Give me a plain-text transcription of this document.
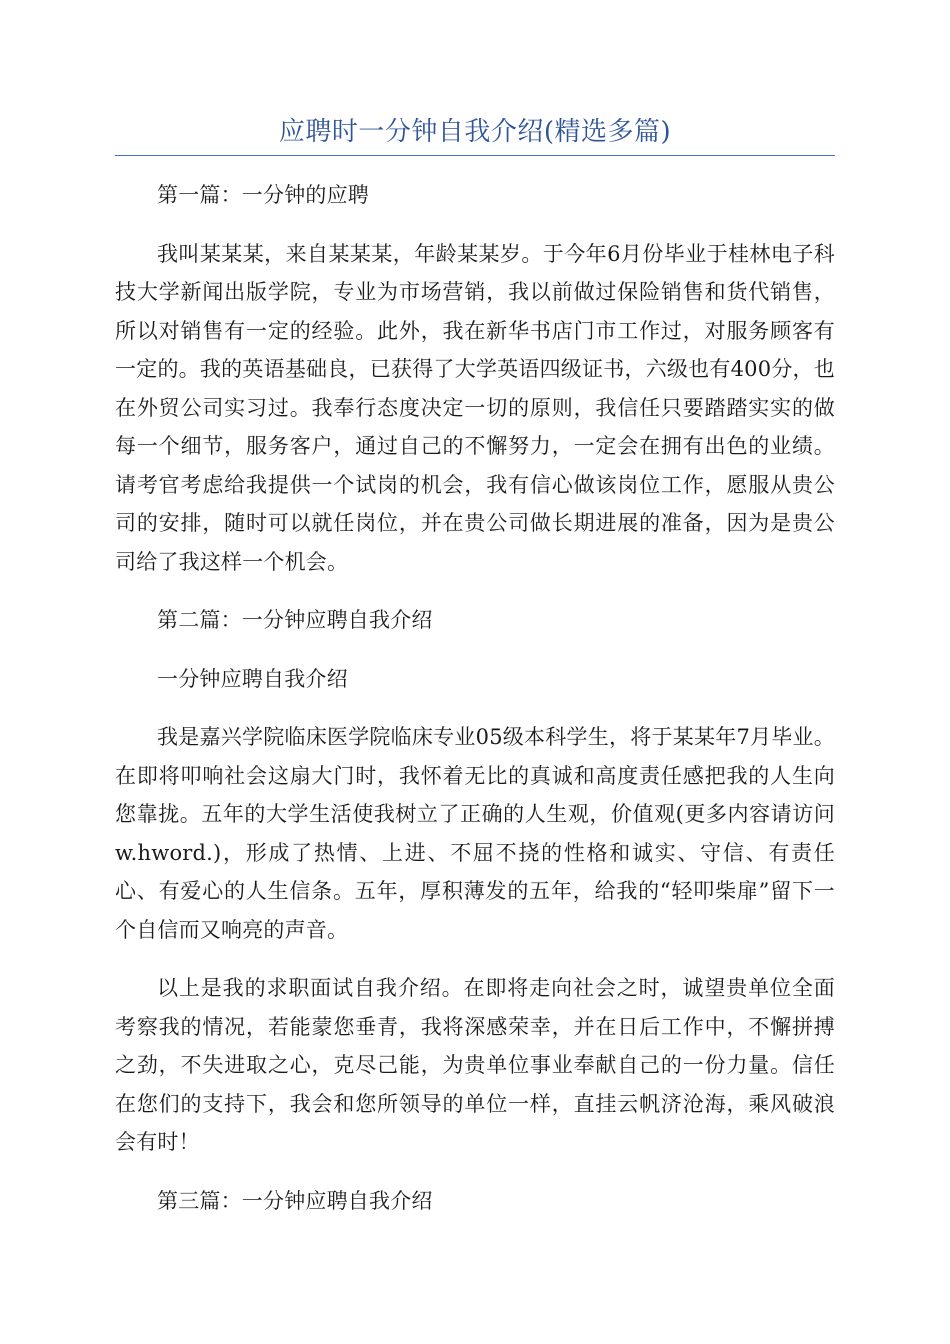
应聘时一分钟自我介绍(精选多篇)

第一篇：一分钟的应聘

我叫某某某，来自某某某，年龄某某岁。于今年6月份毕业于桂林电子科技大学新闻出版学院，专业为市场营销，我以前做过保险销售和货代销售，所以对销售有一定的经验。此外，我在新华书店门市工作过，对服务顾客有一定的。我的英语基础良，已获得了大学英语四级证书，六级也有400分，也在外贸公司实习过。我奉行态度决定一切的原则，我信任只要踏踏实实的做每一个细节，服务客户，通过自己的不懈努力，一定会在拥有出色的业绩。请考官考虑给我提供一个试岗的机会，我有信心做该岗位工作，愿服从贵公司的安排，随时可以就任岗位，并在贵公司做长期进展的准备，因为是贵公司给了我这样一个机会。

第二篇：一分钟应聘自我介绍

一分钟应聘自我介绍

我是嘉兴学院临床医学院临床专业05级本科学生，将于某某年7月毕业。在即将叩响社会这扇大门时，我怀着无比的真诚和高度责任感把我的人生向您靠拢。五年的大学生活使我树立了正确的人生观，价值观(更多内容请访问w.hword.)，形成了热情、上进、不屈不挠的性格和诚实、守信、有责任心、有爱心的人生信条。五年，厚积薄发的五年，给我的“轻叩柴扉”留下一个自信而又响亮的声音。

以上是我的求职面试自我介绍。在即将走向社会之时，诚望贵单位全面考察我的情况，若能蒙您垂青，我将深感荣幸，并在日后工作中，不懈拼搏之劲，不失进取之心，克尽己能，为贵单位事业奉献自己的一份力量。信任在您们的支持下，我会和您所领导的单位一样，直挂云帆济沧海，乘风破浪会有时！

第三篇：一分钟应聘自我介绍
